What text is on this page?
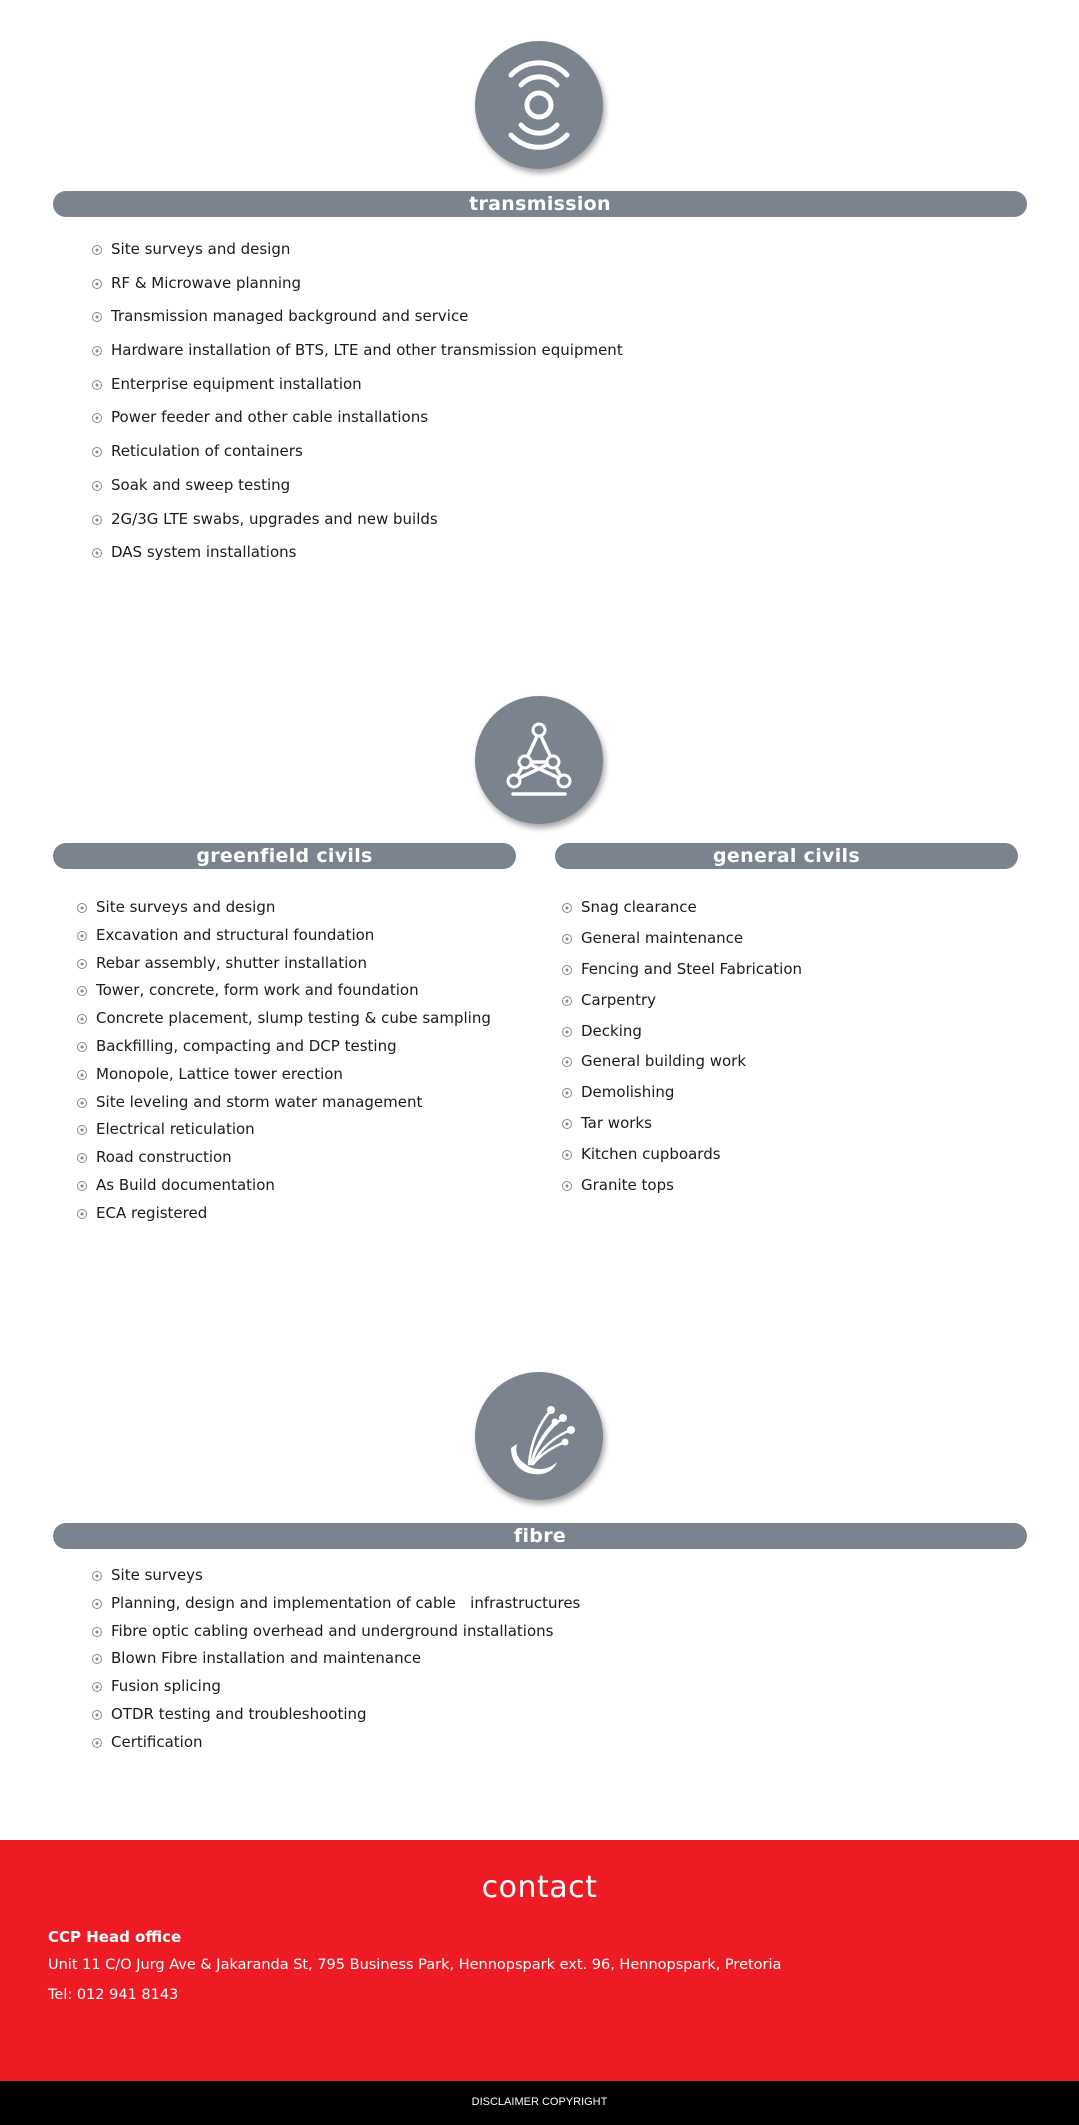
transmission
Site surveys and design
RF & Microwave planning
Transmission managed background and service
Hardware installation of BTS, LTE and other transmission equipment
Enterprise equipment installation
Power feeder and other cable installations
Reticulation of containers
Soak and sweep testing
2G/3G LTE swabs, upgrades and new builds
DAS system installations
greenfield civils	general civils
Site surveys and design
Excavation and structural foundation
Rebar assembly, shutter installation
Tower, concrete, form work and foundation
Concrete placement, slump testing & cube sampling
Backfilling, compacting and DCP testing
Monopole, Lattice tower erection
Site leveling and storm water management
Electrical reticulation
Road construction
As Build documentation
ECA registered
Snag clearance
General maintenance
Fencing and Steel Fabrication
Carpentry
Decking
General building work
Demolishing
Tar works
Kitchen cupboards
Granite tops
fibre
Site surveys
Planning, design and implementation of cable   infrastructures
Fibre optic cabling overhead and underground installations
Blown Fibre installation and maintenance
Fusion splicing
OTDR testing and troubleshooting
Certification
contact
CCP Head office
Unit 11 C/O Jurg Ave & Jakaranda St, 795 Business Park, Hennopspark ext. 96, Hennopspark, Pretoria
Tel: 012 941 8143
DISCLAIMER COPYRIGHT
